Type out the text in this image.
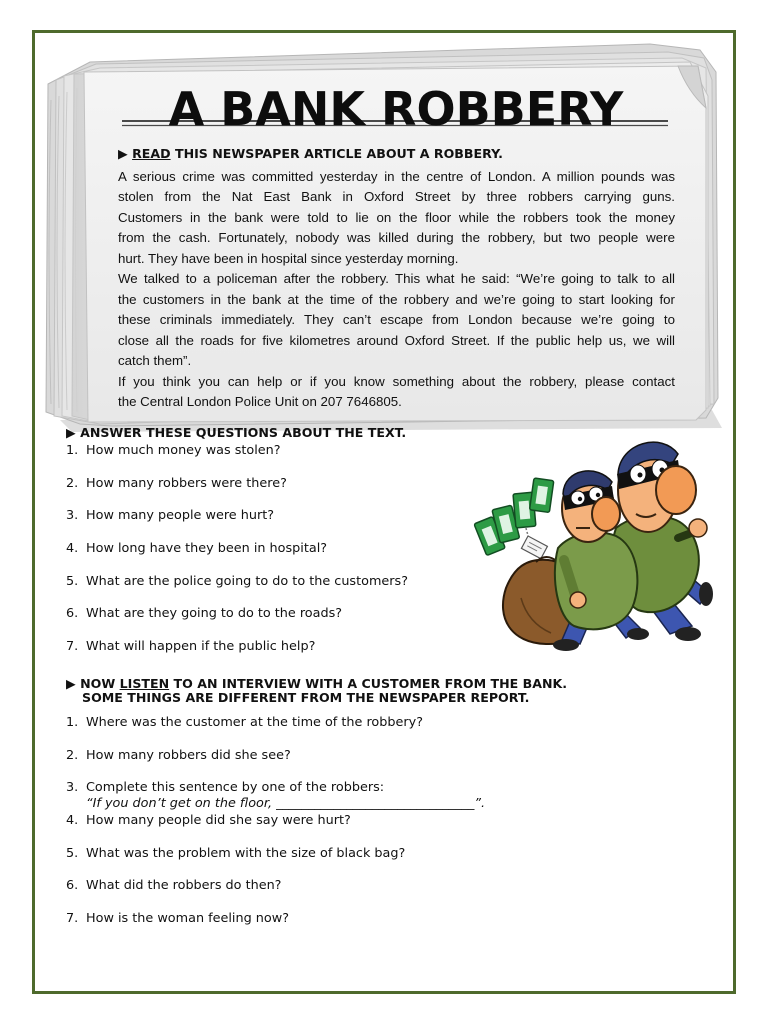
A BANK ROBBERY
▶ READ THIS NEWSPAPER ARTICLE ABOUT A ROBBERY.
A serious crime was committed yesterday in the centre of London. A million pounds was
stolen from the Nat East Bank in Oxford Street by three robbers carrying guns.
Customers in the bank were told to lie on the floor while the robbers took the money
from the cash. Fortunately, nobody was killed during the robbery, but two people were
hurt. They have been in hospital since yesterday morning.
We talked to a policeman after the robbery. This what he said: “We’re going to talk to all
the customers in the bank at the time of the robbery and we’re going to start looking for
these criminals immediately. They can’t escape from London because we’re going to
close all the roads for five kilometres around Oxford Street. If the public help us, we will
catch them”.
If you think you can help or if you know something about the robbery, please contact
the Central London Police Unit on 207 7646805.
▶ ANSWER THESE QUESTIONS ABOUT THE TEXT.
1. How much money was stolen?
2. How many robbers were there?
3. How many people were hurt?
4. How long have they been in hospital?
5. What are the police going to do to the customers?
6. What are they going to do to the roads?
7. What will happen if the public help?
▶ NOW LISTEN TO AN INTERVIEW WITH A CUSTOMER FROM THE BANK.
SOME THINGS ARE DIFFERENT FROM THE NEWSPAPER REPORT.
1. Where was the customer at the time of the robbery?
2. How many robbers did she see?
3. Complete this sentence by one of the robbers:
“If you don’t get on the floor, _______________________________”.
4. How many people did she say were hurt?
5. What was the problem with the size of black bag?
6. What did the robbers do then?
7. How is the woman feeling now?
